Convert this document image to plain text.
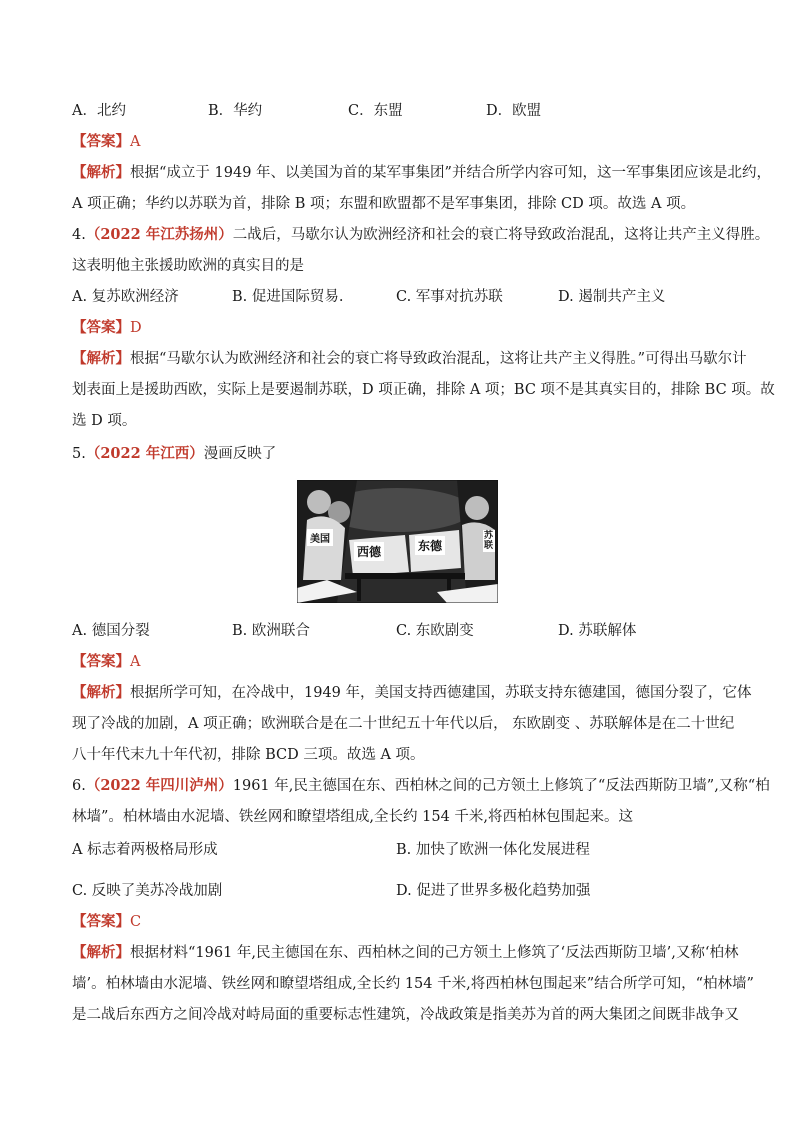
A．北约	B．华约	C．东盟	D．欧盟
【答案】A
【解析】根据“成立于 1949 年、以美国为首的某军事集团”并结合所学内容可知，这一军事集团应该是北约，
A 项正确；华约以苏联为首，排除 B 项；东盟和欧盟都不是军事集团，排除 CD 项。故选 A 项。
4.（2022 年江苏扬州）二战后，马歇尔认为欧洲经济和社会的衰亡将导致政治混乱，这将让共产主义得胜。
这表明他主张援助欧洲的真实目的是
A. 复苏欧洲经济	B. 促进国际贸易.	C. 军事对抗苏联	D. 遏制共产主义
【答案】D
【解析】根据“马歇尔认为欧洲经济和社会的衰亡将导致政治混乱，这将让共产主义得胜。”可得出马歇尔计
划表面上是援助西欧，实际上是要遏制苏联，D 项正确，排除 A 项；BC 项不是其真实目的，排除 BC 项。故
选 D 项。
5.（2022 年江西）漫画反映了
美国
西德	东德
苏联
A. 德国分裂	B. 欧洲联合	C. 东欧剧变	D. 苏联解体
【答案】A
【解析】根据所学可知，在冷战中，1949 年，美国支持西德建国，苏联支持东德建国，德国分裂了，它体
现了冷战的加剧，A 项正确；欧洲联合是在二十世纪五十年代以后， 东欧剧变 、苏联解体是在二十世纪
八十年代末九十年代初，排除 BCD 三项。故选 A 项。
6.（2022 年四川泸州）1961 年,民主德国在东、西柏林之间的己方领土上修筑了“反法西斯防卫墙”,又称“柏
林墙”。柏林墙由水泥墙、铁丝网和瞭望塔组成,全长约 154 千米,将西柏林包围起来。这
A 标志着两极格局形成	B. 加快了欧洲一体化发展进程
C. 反映了美苏冷战加剧	D. 促进了世界多极化趋势加强
【答案】C
【解析】根据材料“1961 年,民主德国在东、西柏林之间的己方领土上修筑了‘反法西斯防卫墙’,又称‘柏林
墙’。柏林墙由水泥墙、铁丝网和瞭望塔组成,全长约 154 千米,将西柏林包围起来”结合所学可知，“柏林墙”
是二战后东西方之间冷战对峙局面的重要标志性建筑，冷战政策是指美苏为首的两大集团之间既非战争又
